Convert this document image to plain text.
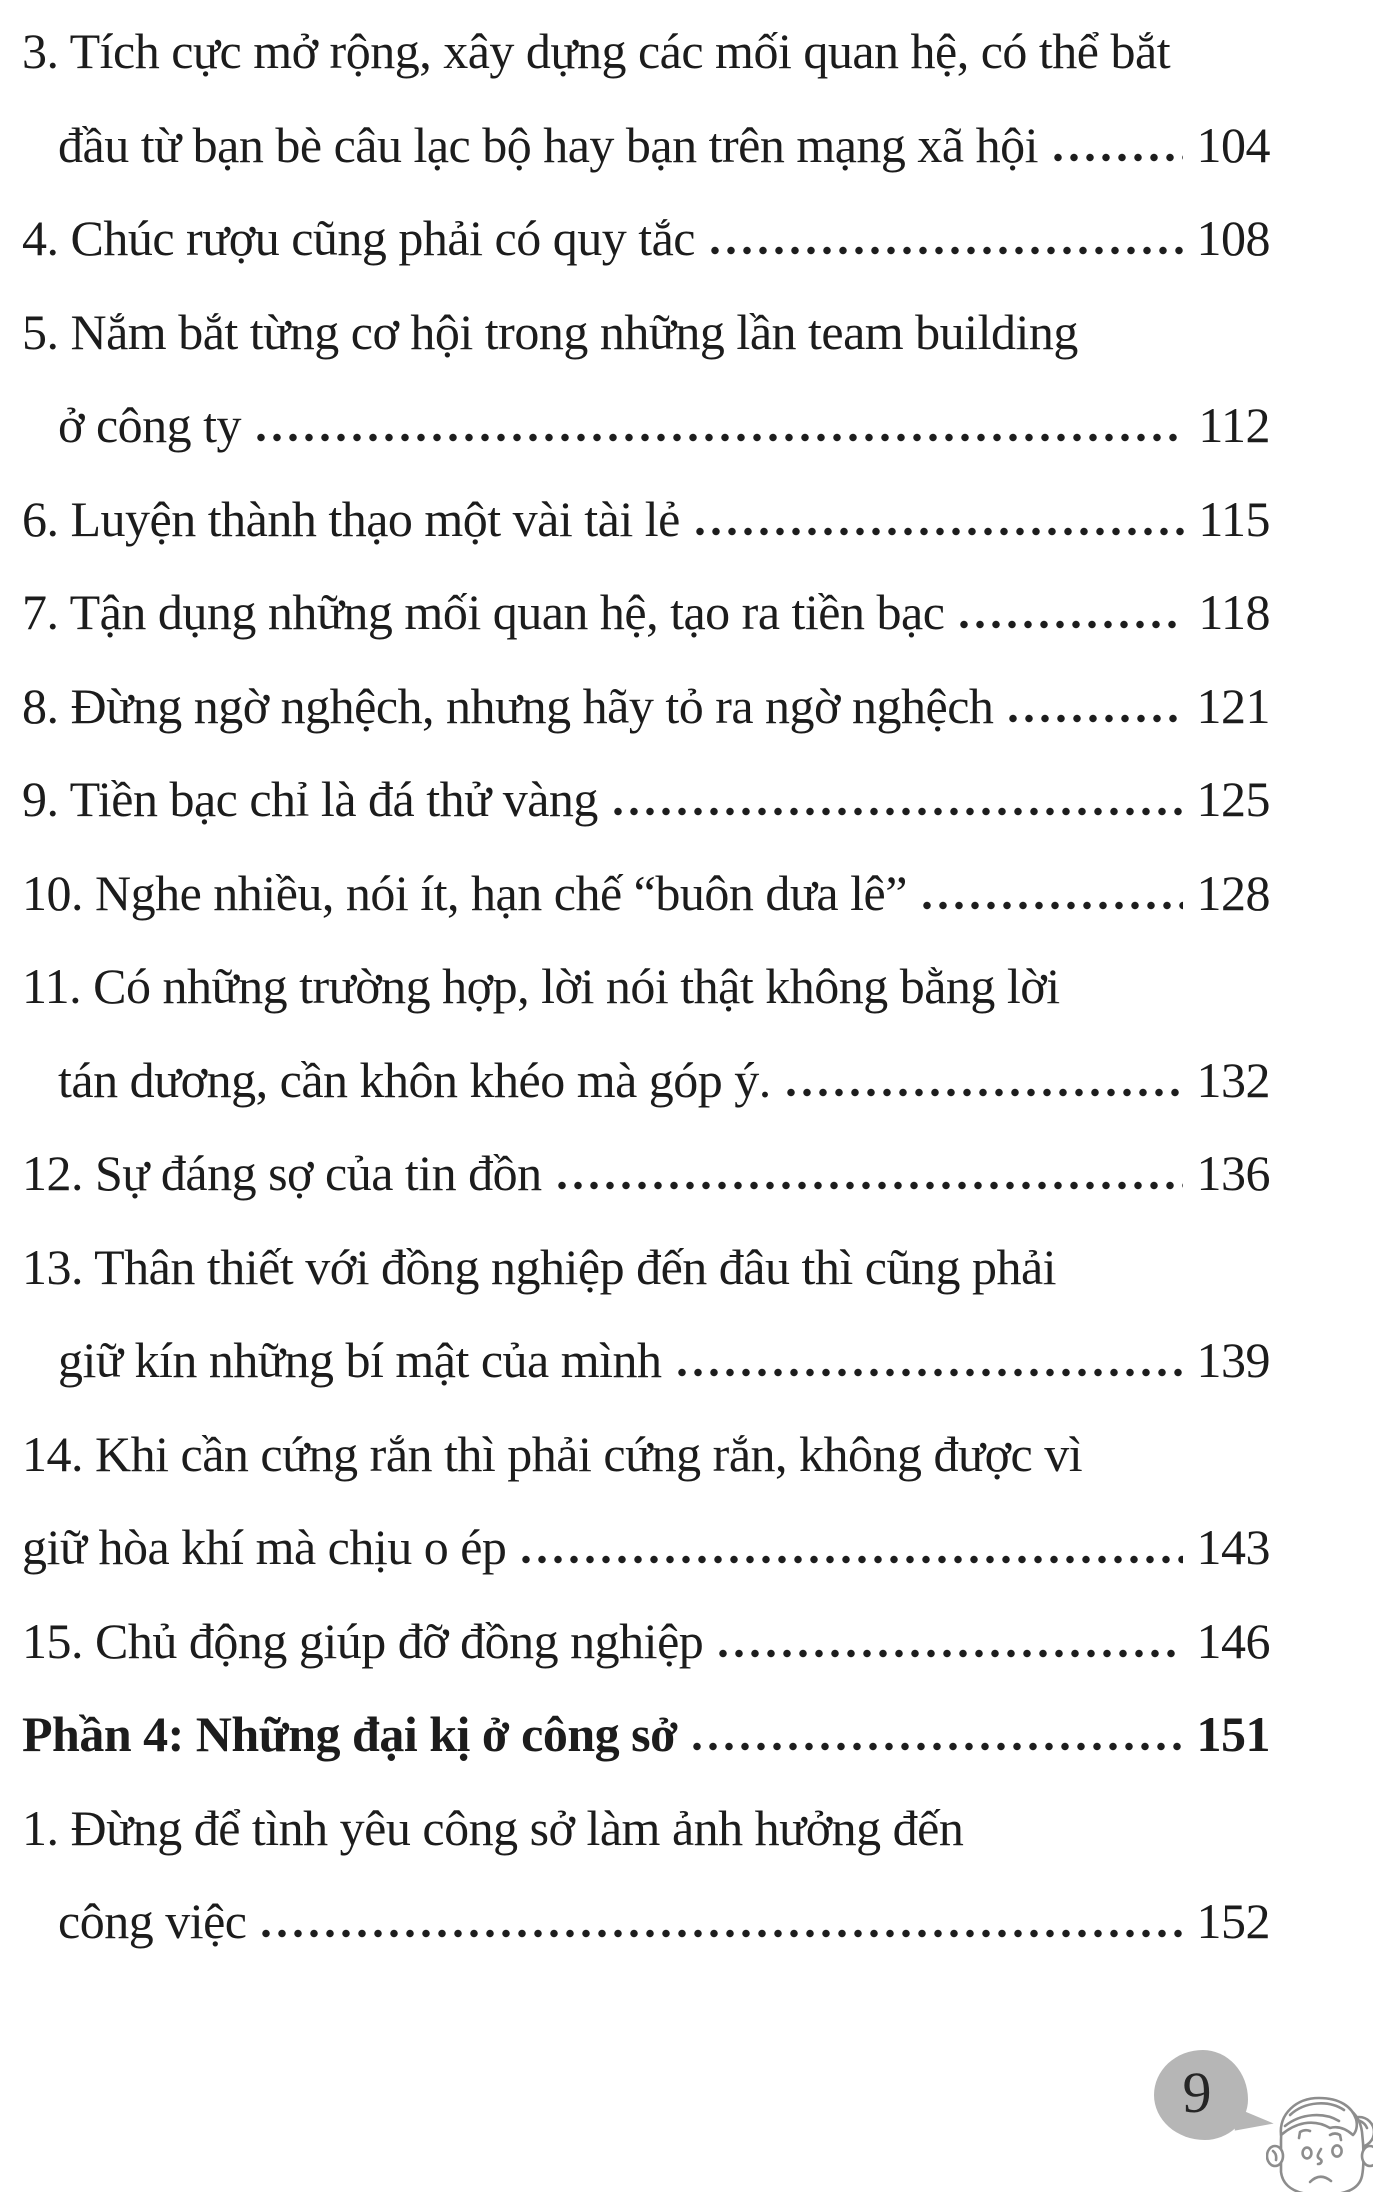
3. Tích cực mở rộng, xây dựng các mối quan hệ, có thể bắt
đầu từ bạn bè câu lạc bộ hay bạn trên mạng xã hội	104
4. Chúc rượu cũng phải có quy tắc	108
5. Nắm bắt từng cơ hội trong những lần team building
ở công ty	112
6. Luyện thành thạo một vài tài lẻ	115
7. Tận dụng những mối quan hệ, tạo ra tiền bạc	118
8. Đừng ngờ nghệch, nhưng hãy tỏ ra ngờ nghệch	121
9. Tiền bạc chỉ là đá thử vàng	125
10. Nghe nhiều, nói ít, hạn chế “buôn dưa lê”	128
11. Có những trường hợp, lời nói thật không bằng lời
tán dương, cần khôn khéo mà góp ý.	132
12. Sự đáng sợ của tin đồn	136
13. Thân thiết với đồng nghiệp đến đâu thì cũng phải
giữ kín những bí mật của mình	139
14. Khi cần cứng rắn thì phải cứng rắn, không được vì
giữ hòa khí mà chịu o ép	143
15. Chủ động giúp đỡ đồng nghiệp	146
Phần 4: Những đại kị ở công sở	151
1. Đừng để tình yêu công sở làm ảnh hưởng đến
công việc	152
9
